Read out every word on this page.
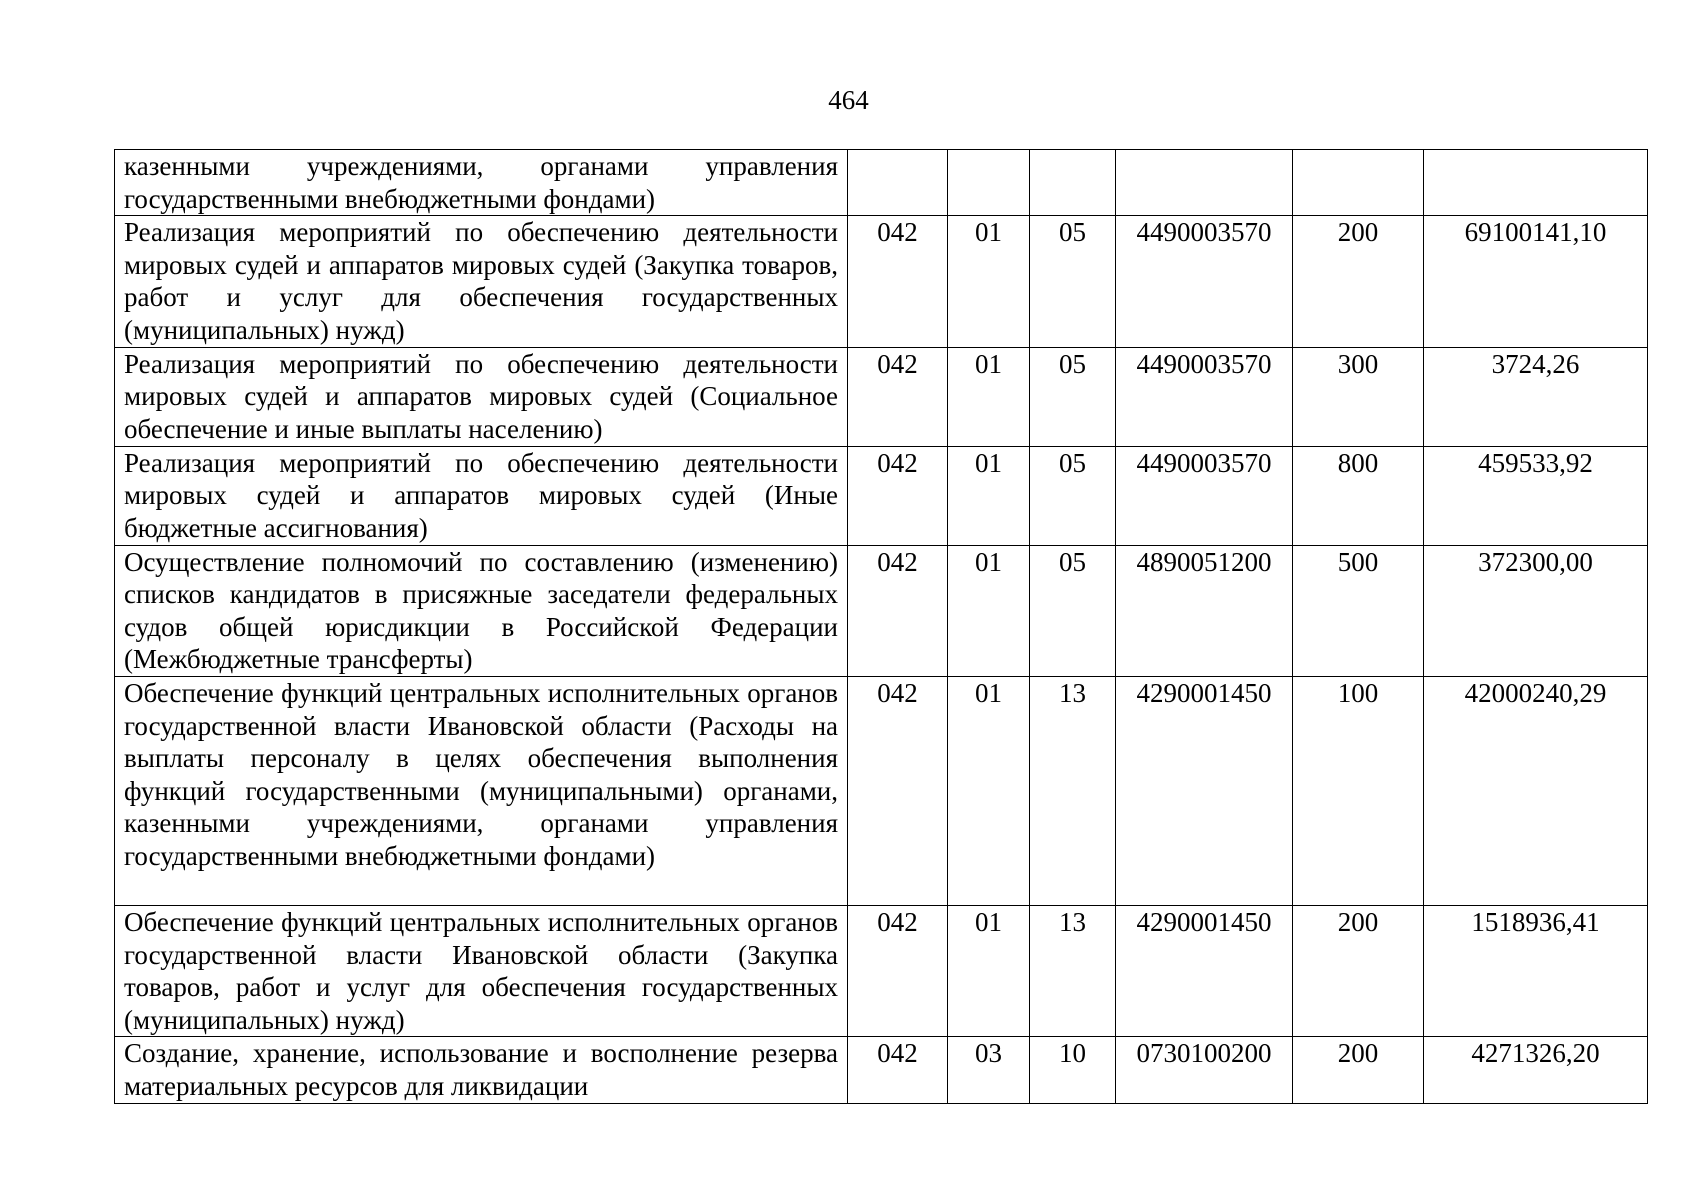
464
казенными учреждениями, органами управления государственными внебюджетными фондами)						
Реализация мероприятий по обеспечению деятельности мировых судей и аппаратов мировых судей (Закупка товаров, работ и услуг для обеспечения государственных (муниципальных) нужд)	042	01	05	4490003570	200	69100141,10
Реализация мероприятий по обеспечению деятельности мировых судей и аппаратов мировых судей (Социальное обеспечение и иные выплаты населению)	042	01	05	4490003570	300	3724,26
Реализация мероприятий по обеспечению деятельности мировых судей и аппаратов мировых судей (Иные бюджетные ассигнования)	042	01	05	4490003570	800	459533,92
Осуществление полномочий по составлению (изменению) списков кандидатов в присяжные заседатели федеральных судов общей юрисдикции в Российской Федерации (Межбюджетные трансферты)	042	01	05	4890051200	500	372300,00
Обеспечение функций центральных исполнительных органов государственной власти Ивановской области (Расходы на выплаты персоналу в целях обеспечения выполнения функций государственными (муниципальными) органами, казенными учреждениями, органами управления государственными внебюджетными фондами)	042	01	13	4290001450	100	42000240,29
Обеспечение функций центральных исполнительных органов государственной власти Ивановской области (Закупка товаров, работ и услуг для обеспечения государственных (муниципальных) нужд)	042	01	13	4290001450	200	1518936,41
Создание, хранение, использование и восполнение резерва материальных ресурсов для ликвидации	042	03	10	0730100200	200	4271326,20
